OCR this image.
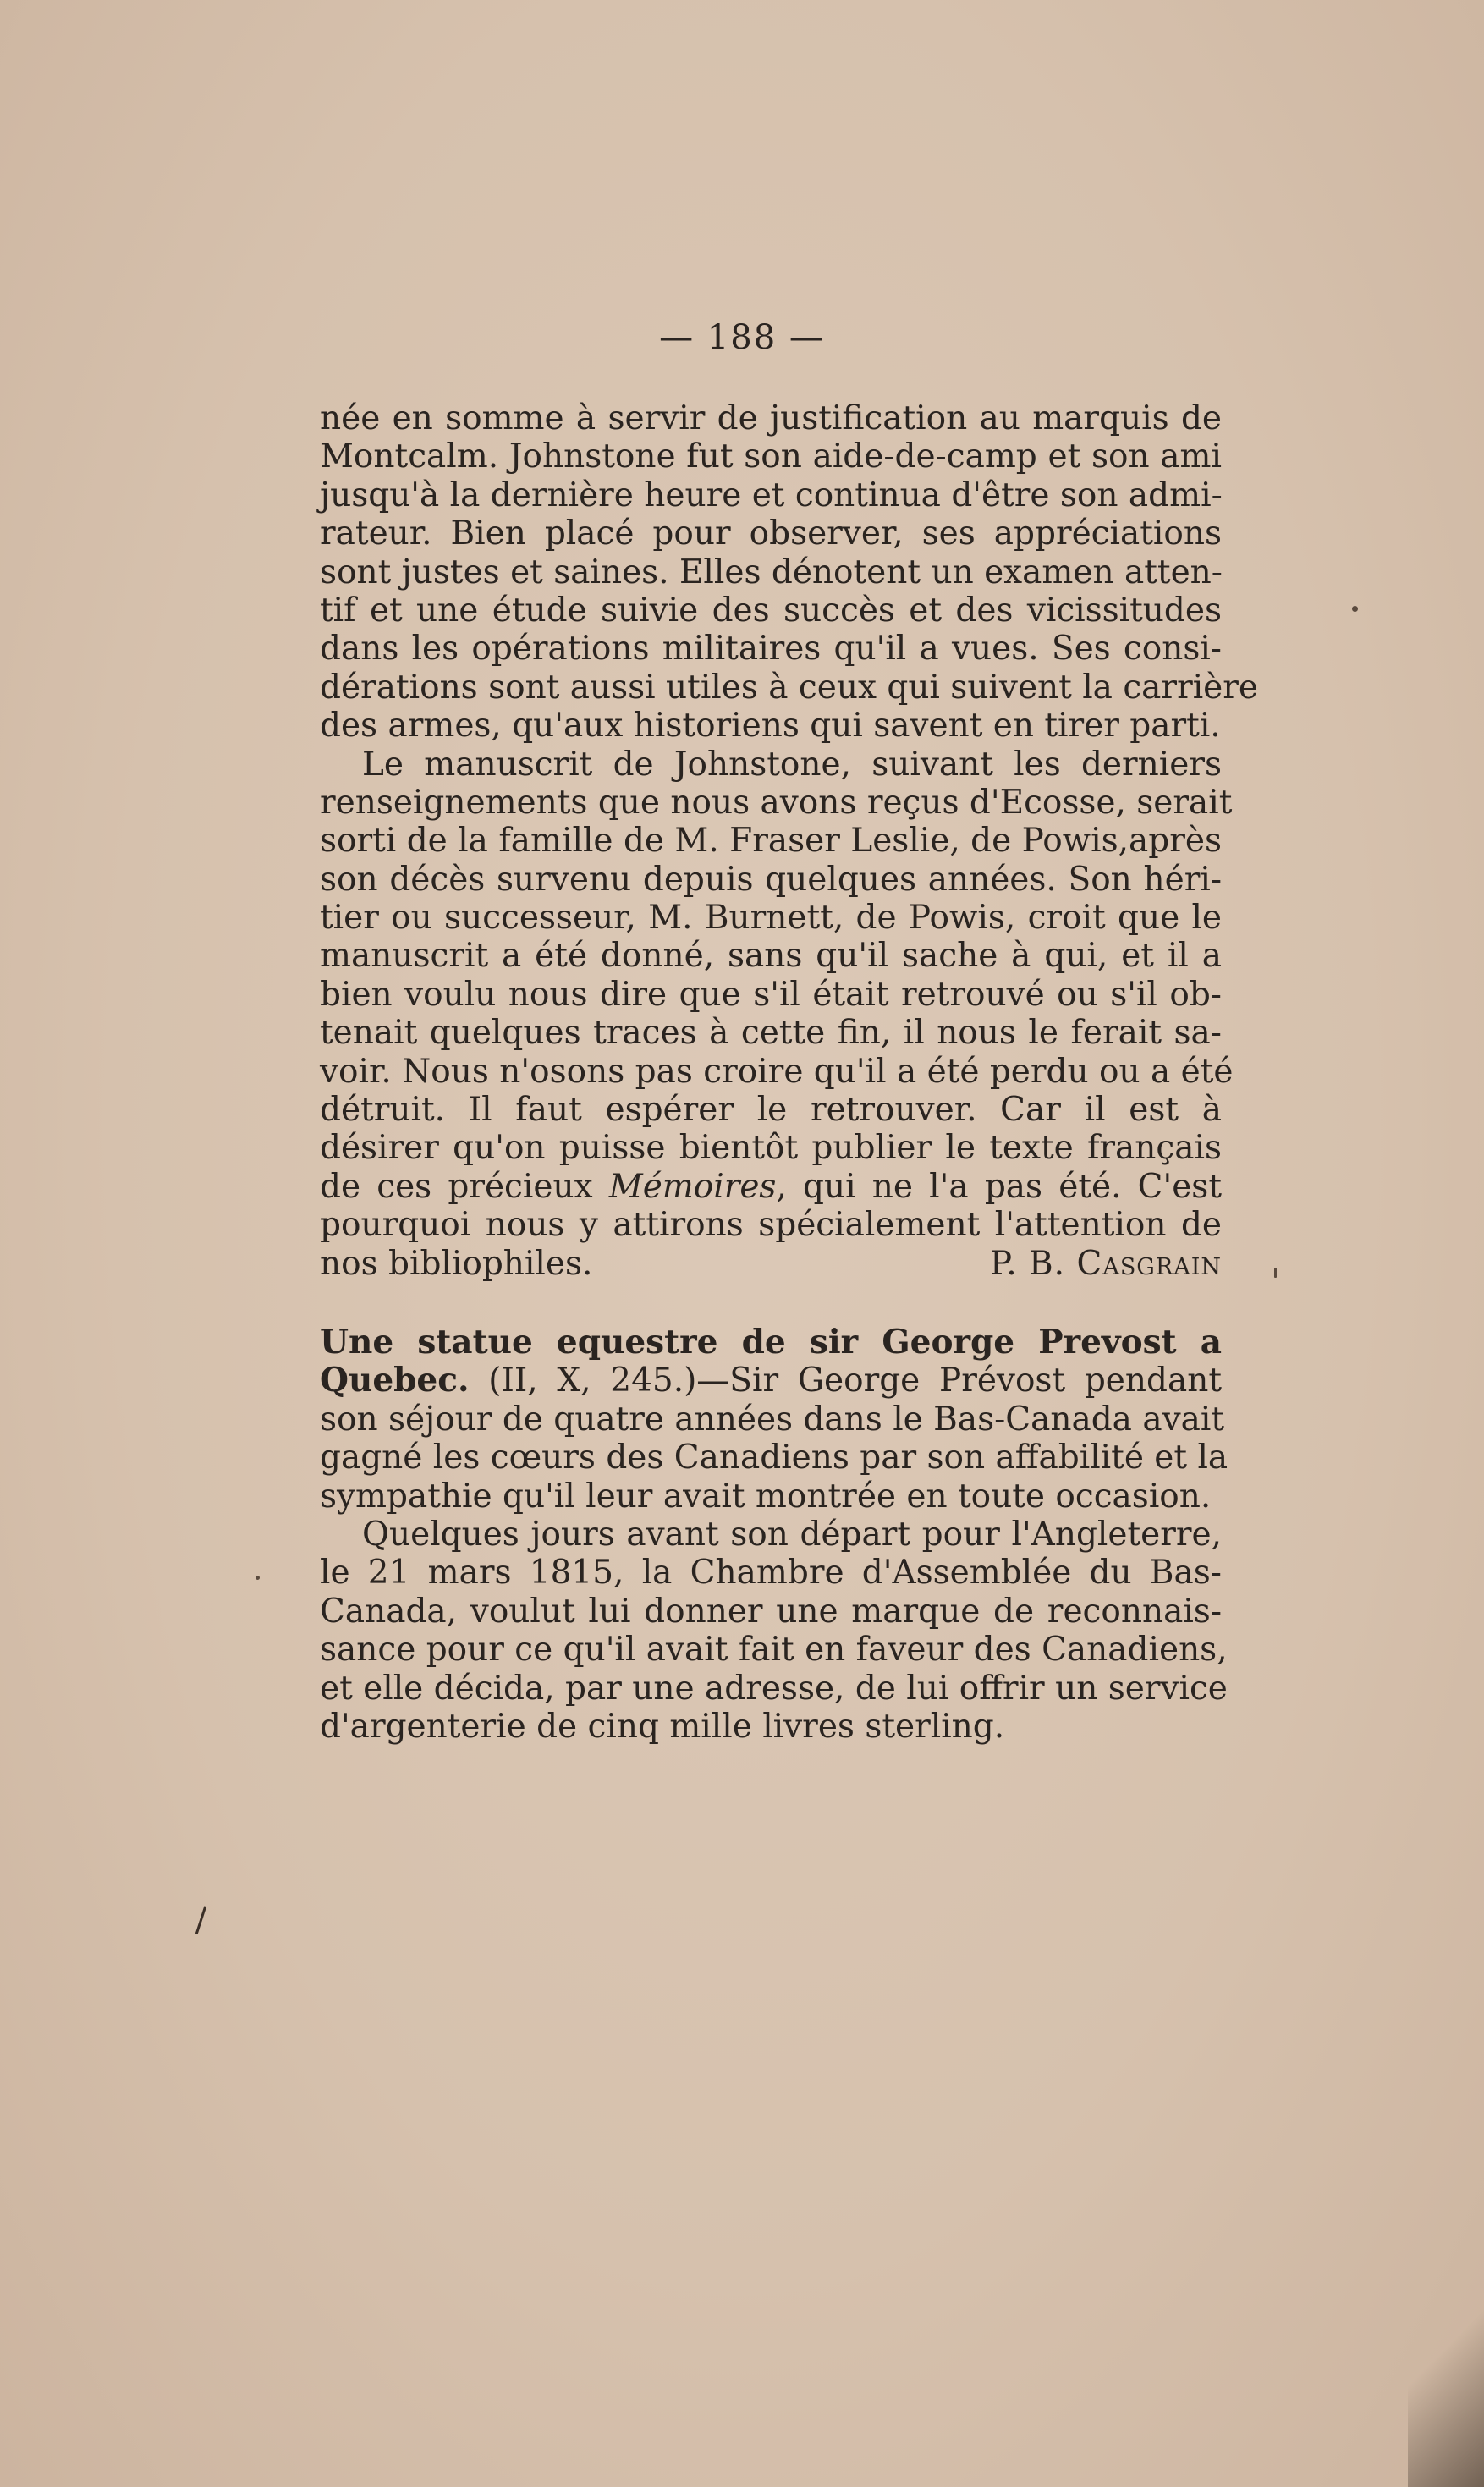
— 188 —
née en somme à servir de justification au marquis de
Montcalm. Johnstone fut son aide-de-camp et son ami
jusqu'à la dernière heure et continua d'être son admi-
rateur. Bien placé pour observer, ses appréciations
sont justes et saines. Elles dénotent un examen atten-
tif et une étude suivie des succès et des vicissitudes
dans les opérations militaires qu'il a vues. Ses consi-
dérations sont aussi utiles à ceux qui suivent la carrière
des armes, qu'aux historiens qui savent en tirer parti.
Le manuscrit de Johnstone, suivant les derniers
renseignements que nous avons reçus d'Ecosse, serait
sorti de la famille de M. Fraser Leslie, de Powis,après
son décès survenu depuis quelques années. Son héri-
tier ou successeur, M. Burnett, de Powis, croit que le
manuscrit a été donné, sans qu'il sache à qui, et il a
bien voulu nous dire que s'il était retrouvé ou s'il ob-
tenait quelques traces à cette fin, il nous le ferait sa-
voir. Nous n'osons pas croire qu'il a été perdu ou a été
détruit. Il faut espérer le retrouver. Car il est à
désirer qu'on puisse bientôt publier le texte français
de ces précieux Mémoires, qui ne l'a pas été. C'est
pourquoi nous y attirons spécialement l'attention de
nos bibliophiles.	P. B. Casgrain
Une statue equestre de sir George Prevost a
Quebec. (II, X, 245.)—Sir George Prévost pendant
son séjour de quatre années dans le Bas-Canada avait
gagné les cœurs des Canadiens par son affabilité et la
sympathie qu'il leur avait montrée en toute occasion.
Quelques jours avant son départ pour l'Angleterre,
le 21 mars 1815, la Chambre d'Assemblée du Bas-
Canada, voulut lui donner une marque de reconnais-
sance pour ce qu'il avait fait en faveur des Canadiens,
et elle décida, par une adresse, de lui offrir un service
d'argenterie de cinq mille livres sterling.
